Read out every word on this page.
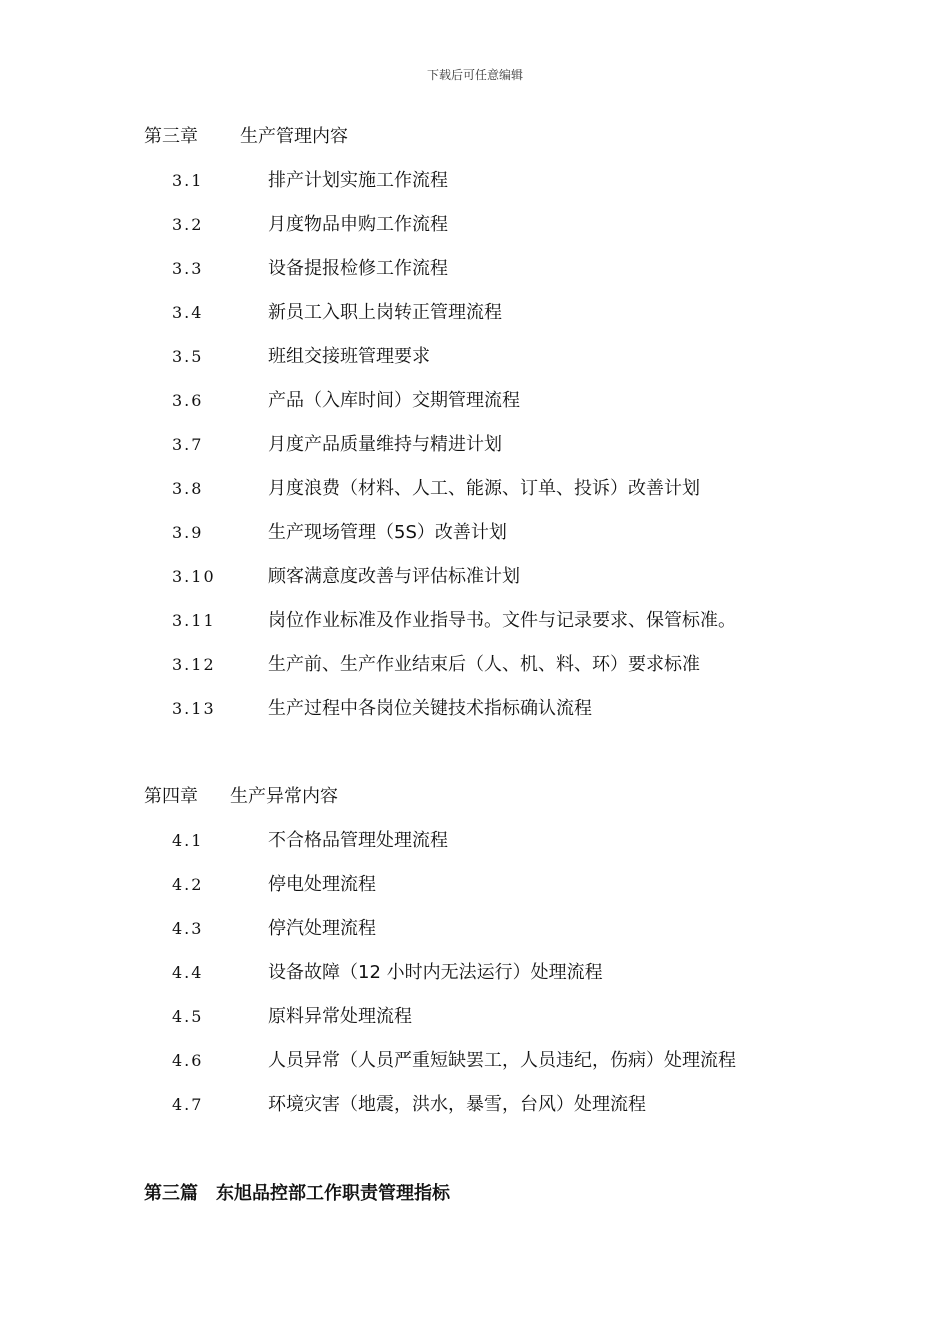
下载后可任意编辑
第三章 生产管理内容
3.1	排产计划实施工作流程
3.2	月度物品申购工作流程
3.3	设备提报检修工作流程
3.4	新员工入职上岗转正管理流程
3.5	班组交接班管理要求
3.6	产品（入库时间）交期管理流程
3.7	月度产品质量维持与精进计划
3.8	月度浪费（材料、人工、能源、订单、投诉）改善计划
3.9	生产现场管理（5S）改善计划
3.10	顾客满意度改善与评估标准计划
3.11	岗位作业标准及作业指导书。文件与记录要求、保管标准。
3.12	生产前、生产作业结束后（人、机、料、环）要求标准
3.13	生产过程中各岗位关键技术指标确认流程
第四章 生产异常内容
4.1	不合格品管理处理流程
4.2	停电处理流程
4.3	停汽处理流程
4.4	设备故障（12 小时内无法运行）处理流程
4.5	原料异常处理流程
4.6	人员异常（人员严重短缺罢工，人员违纪，伤病）处理流程
4.7	环境灾害（地震，洪水，暴雪，台风）处理流程
第三篇 东旭品控部工作职责管理指标
